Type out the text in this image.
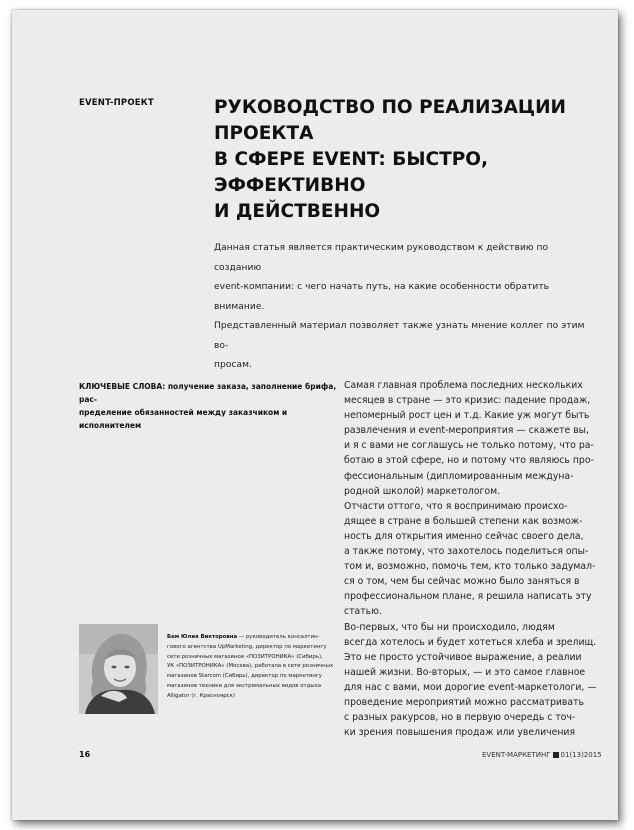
EVENT-ПРОЕКТ	РУКОВОДСТВО ПО РЕАЛИЗАЦИИ ПРОЕКТА
В СФЕРЕ EVENT: БЫСТРО, ЭФФЕКТИВНО
И ДЕЙСТВЕННО
Данная статья является практическим руководством к действию по созданию
event-компании: с чего начать путь, на какие особенности обратить внимание.
Представленный материал позволяет также узнать мнение коллег по этим во-
просам.
КЛЮЧЕВЫЕ СЛОВА: получение заказа, заполнение брифа, рас-
пределение обязанностей между заказчиком и исполнителем

Самая главная проблема последних нескольких
месяцев в стране — это кризис: падение продаж,
непомерный рост цен и т.д. Какие уж могут быть
развлечения и event-мероприятия — скажете вы,
и я с вами не соглашусь не только потому, что ра-
ботаю в этой сфере, но и потому что являюсь про-
фессиональным (дипломированным междуна-
родной школой) маркетологом.

Отчасти оттого, что я воспринимаю происхо-
дящее в стране в большей степени как возмож-
ность для открытия именно сейчас своего дела,
а также потому, что захотелось поделиться опы-
том и, возможно, помочь тем, кто только задумал-
ся о том, чем бы сейчас можно было заняться в
профессиональном плане, я решила написать эту
статью.

Во-первых, что бы ни происходило, людям
всегда хотелось и будет хотеться хлеба и зрелищ.
Это не просто устойчивое выражение, а реалии
нашей жизни. Во-вторых, — и это самое главное
для нас с вами, мои дорогие event-маркетологи, —
проведение мероприятий можно рассматривать
с разных ракурсов, но в первую очередь с точ-
ки зрения повышения продаж или увеличения

Бем Юлия Викторовна — руководитель консалтин-
гового агентства UpMarketing, директор по маркетингу
сети розничных магазинов «ПОЗИТРОНИКА» (Сибирь),
УК «ПОЗИТРОНИКА» (Москва), работала в сети розничных
магазинов Starcom (Сибирь), директор по маркетингу
магазинов техники для экстремальных видов отдыха
Alligator (г. Красноярск)
16	EVENT-МАРКЕТИНГ 01(13)2015
